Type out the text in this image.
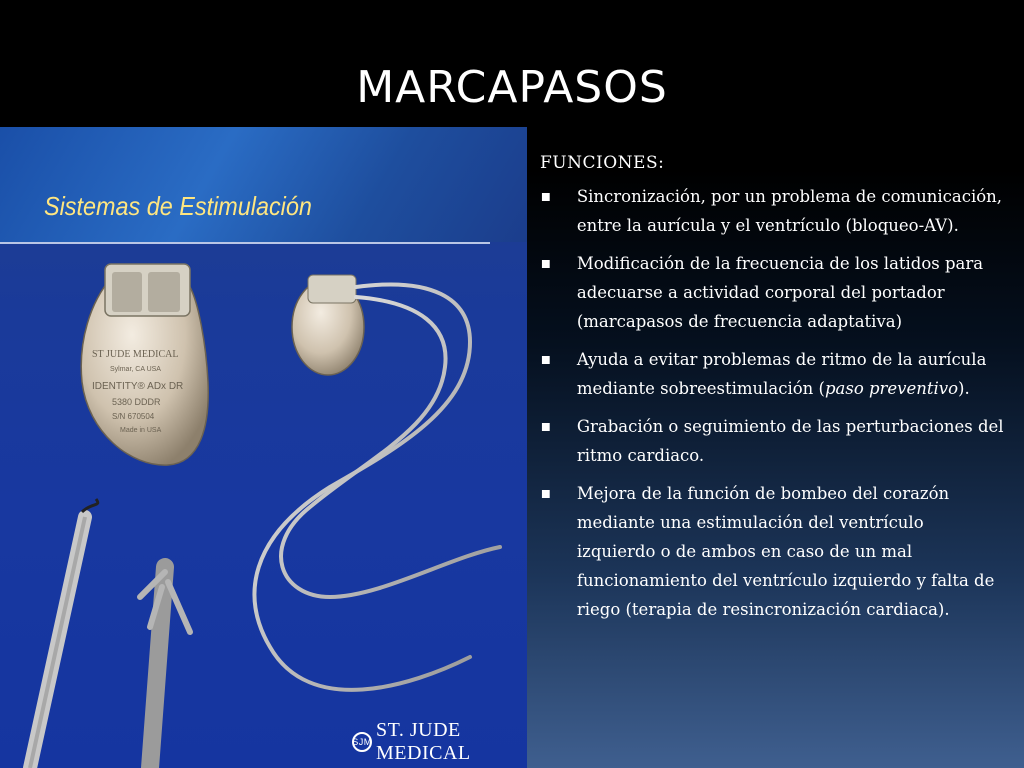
MARCAPASOS
Sistemas de Estimulación
ST JUDE MEDICAL
Sylmar, CA USA
IDENTITY® ADx DR
5380 DDDR
S/N 670504
Made in USA
SJM
ST. JUDE MEDICAL
FUNCIONES:
Sincronización, por un problema de comunicación, entre la aurícula y el ventrículo (bloqueo-AV).
Modificación de la frecuencia de los latidos para adecuarse a actividad corporal del portador (marcapasos de frecuencia adaptativa)
Ayuda a evitar problemas de ritmo de la aurícula mediante sobreestimulación (paso preventivo).
Grabación o seguimiento de las perturbaciones del ritmo cardiaco.
Mejora de la función de bombeo del corazón mediante una estimulación del ventrículo izquierdo o de ambos en caso de un mal funcionamiento del ventrículo izquierdo y falta de riego (terapia de resincronización cardiaca).
